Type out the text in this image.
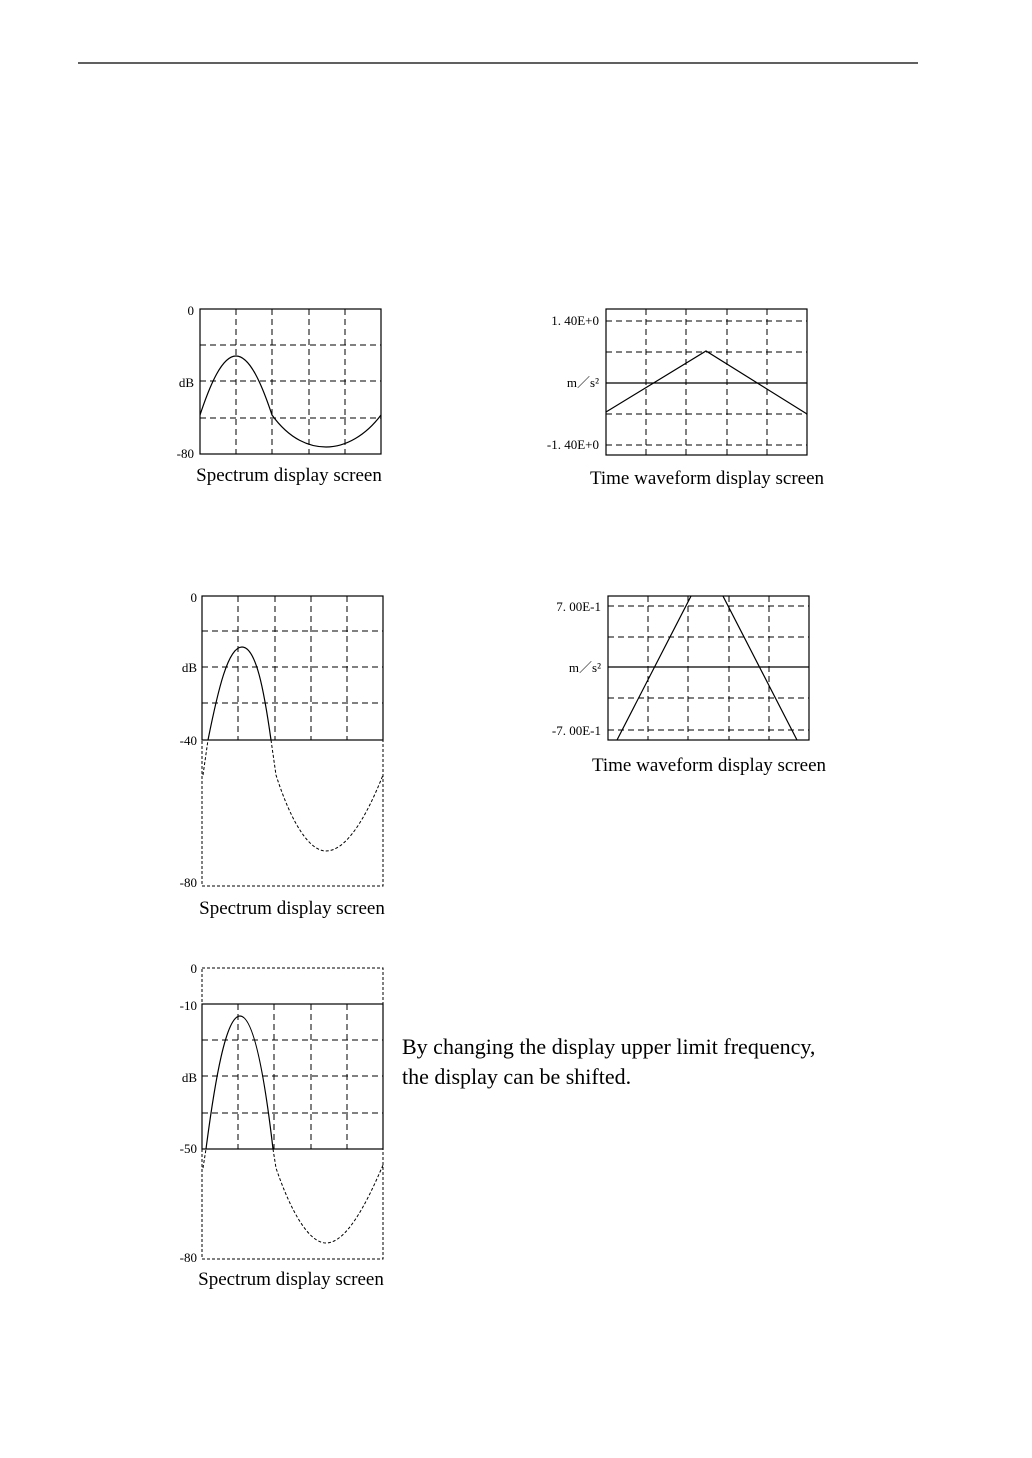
0
dB
-80
Spectrum display screen
1. 40E+0
m／s²
-1. 40E+0
Time waveform display screen
0
dB
-40
-80
Spectrum display screen
7. 00E-1
m／s²
-7. 00E-1
Time waveform display screen
0
-10
dB
-50
-80
Spectrum display screen
By changing the display upper limit frequency,
the display can be shifted.
